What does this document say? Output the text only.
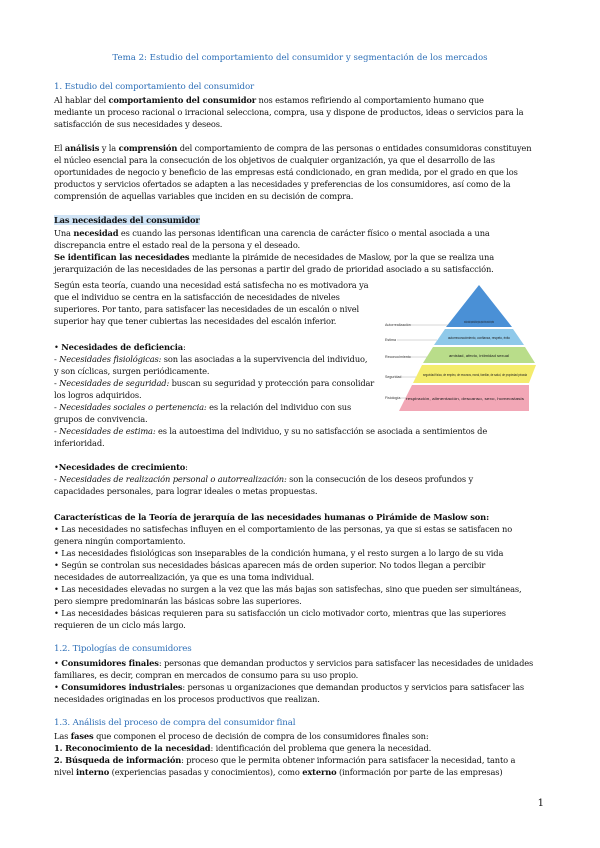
Tema 2: Estudio del comportamiento del consumidor y segmentación de los mercados
1. Estudio del comportamiento del consumidor
Al hablar del comportamiento del consumidor nos estamos refiriendo al comportamiento humano que
mediante un proceso racional o irracional selecciona, compra, usa y dispone de productos, ideas o servicios para la
satisfacción de sus necesidades y deseos.
El análisis y la comprensión del comportamiento de compra de las personas o entidades consumidoras constituyen
el núcleo esencial para la consecución de los objetivos de cualquier organización, ya que el desarrollo de las
oportunidades de negocio y beneficio de las empresas está condicionado, en gran medida, por el grado en que los
productos y servicios ofertados se adapten a las necesidades y preferencias de los consumidores, así como de la
comprensión de aquellas variables que inciden en su decisión de compra.
Las necesidades del consumidor
Una necesidad es cuando las personas identifican una carencia de carácter físico o mental asociada a una
discrepancia entre el estado real de la persona y el deseado.
Se identifican las necesidades mediante la pirámide de necesidades de Maslow, por la que se realiza una
jerarquización de las necesidades de las personas a partir del grado de prioridad asociado a su satisfacción.
Según esta teoría, cuando una necesidad está satisfecha no es motivadora ya
que el individuo se centra en la satisfacción de necesidades de niveles
superiores. Por tanto, para satisfacer las necesidades de un escalón o nivel
superior hay que tener cubiertas las necesidades del escalón inferior.	Autorrealización
Estima
Reconocimiento
Seguridad
Fisiología
moralidad, creatividad, espontaneidad, falta de prejuicios, aceptación de hechos, resolución de problemas
autorreconocimiento, confianza, respeto, éxito
amistad, afecto, intimidad sexual
seguridad física, de empleo, de recursos, moral, familiar, de salud, de propiedad privada
respiración, alimentación, descanso, sexo, homeostasis
• Necesidades de deficiencia:
- Necesidades fisiológicas: son las asociadas a la supervivencia del individuo,
y son cíclicas, surgen periódicamente.
- Necesidades de seguridad: buscan su seguridad y protección para consolidar
los logros adquiridos.
- Necesidades sociales o pertenencia: es la relación del individuo con sus
grupos de convivencia.
- Necesidades de estima: es la autoestima del individuo, y su no satisfacción se asociada a sentimientos de
inferioridad.
•Necesidades de crecimiento:
- Necesidades de realización personal o autorrealización: son la consecución de los deseos profundos y
capacidades personales, para lograr ideales o metas propuestas.
Características de la Teoría de jerarquía de las necesidades humanas o Pirámide de Maslow son:
• Las necesidades no satisfechas influyen en el comportamiento de las personas, ya que si estas se satisfacen no
genera ningún comportamiento.
• Las necesidades fisiológicas son inseparables de la condición humana, y el resto surgen a lo largo de su vida
• Según se controlan sus necesidades básicas aparecen más de orden superior. No todos llegan a percibir
necesidades de autorrealización, ya que es una toma individual.
• Las necesidades elevadas no surgen a la vez que las más bajas son satisfechas, sino que pueden ser simultáneas,
pero siempre predominarán las básicas sobre las superiores.
• Las necesidades básicas requieren para su satisfacción un ciclo motivador corto, mientras que las superiores
requieren de un ciclo más largo.
1.2. Tipologías de consumidores
• Consumidores finales: personas que demandan productos y servicios para satisfacer las necesidades de unidades
familiares, es decir, compran en mercados de consumo para su uso propio.
• Consumidores industriales: personas u organizaciones que demandan productos y servicios para satisfacer las
necesidades originadas en los procesos productivos que realizan.
1.3. Análisis del proceso de compra del consumidor final
Las fases que componen el proceso de decisión de compra de los consumidores finales son:
1. Reconocimiento de la necesidad: identificación del problema que genera la necesidad.
2. Búsqueda de información: proceso que le permita obtener información para satisfacer la necesidad, tanto a
nivel interno (experiencias pasadas y conocimientos), como externo (información por parte de las empresas)
1
